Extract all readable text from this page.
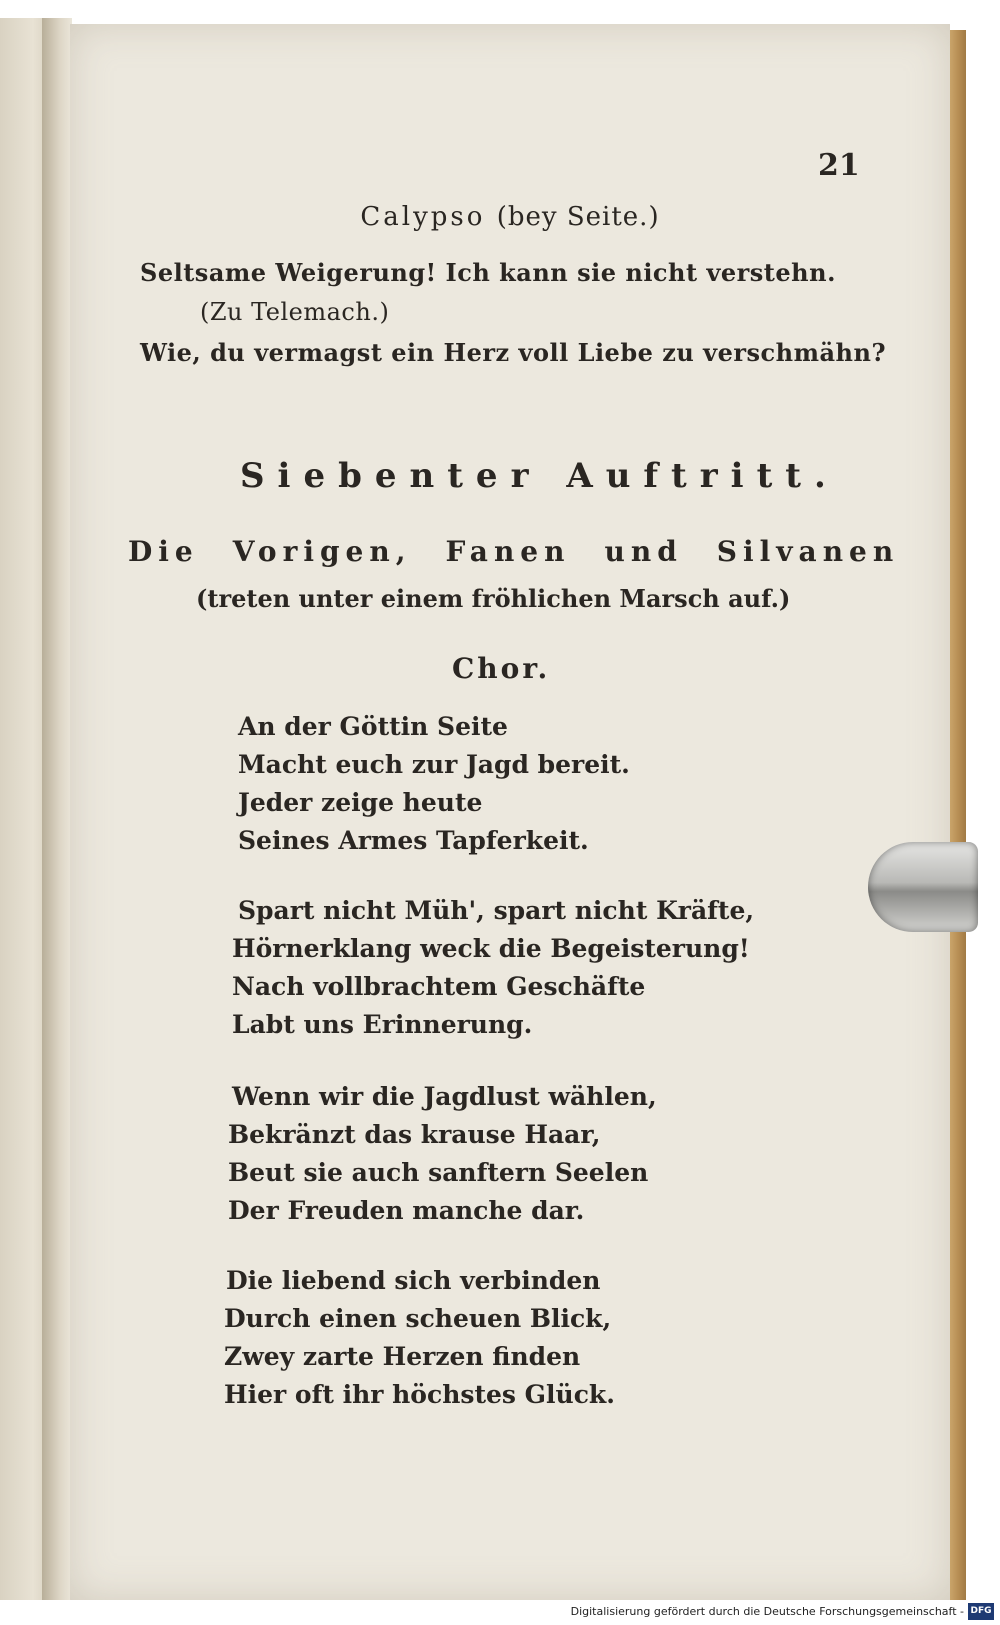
21
Calypso (bey Seite.)
Seltsame Weigerung! Ich kann sie nicht verstehn.
(Zu Telemach.)
Wie, du vermagst ein Herz voll Liebe zu verschmähn?
Siebenter Auftritt.
Die Vorigen, Fanen und Silvanen
(treten unter einem fröhlichen Marsch auf.)
Chor.
An der Göttin Seite
Macht euch zur Jagd bereit.
Jeder zeige heute
Seines Armes Tapferkeit.
Spart nicht Müh', spart nicht Kräfte,
Hörnerklang weck die Begeisterung!
Nach vollbrachtem Geschäfte
Labt uns Erinnerung.
Wenn wir die Jagdlust wählen,
Bekränzt das krause Haar,
Beut sie auch sanftern Seelen
Der Freuden manche dar.
Die liebend sich verbinden
Durch einen scheuen Blick,
Zwey zarte Herzen finden
Hier oft ihr höchstes Glück.
Digitalisierung gefördert durch die Deutsche Forschungsgemeinschaft - DFG
